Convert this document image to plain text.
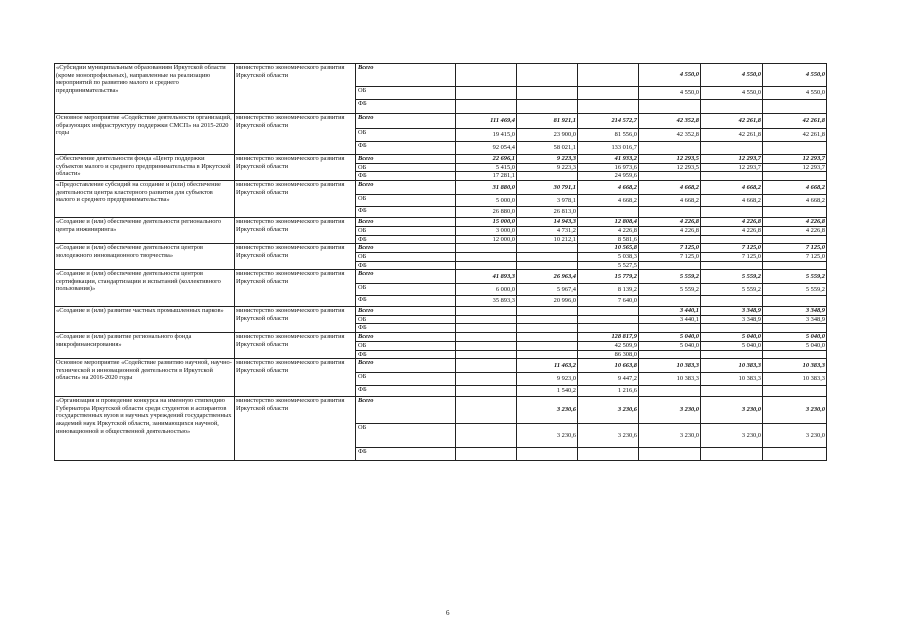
«Субсидии муниципальным образованиям Иркутской области (кроме монопрофильных), направленные на реализацию мероприятий по развитию малого и среднего предпринимательства»	министерство экономического развития Иркутской области	Всего				4 550,0	4 550,0	4 550,0
		ОБ				4 550,0	4 550,0	4 550,0
		ФБ						
Основное мероприятие «Содействие деятельности организаций, образующих инфраструктуру поддержки СМСП» на 2015-2020 годы	министерство экономического развития Иркутской области	Всего	111 469,4	81 921,1	214 572,7	42 352,8	42 261,8	42 261,8
		ОБ	19 415,0	23 900,0	81 556,0	42 352,8	42 261,8	42 261,8
		ФБ	92 054,4	58 021,1	133 016,7			
«Обеспечение деятельности фонда «Центр поддержки субъектов малого и среднего предпринимательства в Иркутской области»	министерство экономического развития Иркутской области	Всего	22 696,1	9 223,3	41 933,2	12 293,5	12 293,7	12 293,7
		ОБ	5 415,0	9 223,3	16 973,6	12 293,5	12 293,7	12 293,7
		ФБ	17 281,1		24 959,6			
«Предоставление субсидий на создание и (или) обеспечение деятельности центра кластерного развития для субъектов малого и среднего предпринимательства»	министерство экономического развития Иркутской области	Всего	31 880,0	30 791,1	4 668,2	4 668,2	4 668,2	4 668,2
		ОБ	5 000,0	3 978,1	4 668,2	4 668,2	4 668,2	4 668,2
		ФБ	26 880,0	26 813,0				
«Создание и (или) обеспечение деятельности регионального центра инжиниринга»	министерство экономического развития Иркутской области	Всего	15 000,0	14 943,3	12 808,4	4 226,8	4 226,8	4 226,8
		ОБ	3 000,0	4 731,2	4 226,8	4 226,8	4 226,8	4 226,8
		ФБ	12 000,0	10 212,1	8 581,6			
«Создание и (или) обеспечение деятельности центров молодежного инновационного творчества»	министерство экономического развития Иркутской области	Всего			10 565,8	7 125,0	7 125,0	7 125,0
		ОБ			5 038,3	7 125,0	7 125,0	7 125,0
		ФБ			5 527,5			
«Создание и (или) обеспечение деятельности центров сертификации, стандартизации и испытаний (коллективного пользования)»	министерство экономического развития Иркутской области	Всего	41 893,3	26 963,4	15 779,2	5 559,2	5 559,2	5 559,2
		ОБ	6 000,0	5 967,4	8 139,2	5 559,2	5 559,2	5 559,2
		ФБ	35 893,3	20 996,0	7 640,0			
«Создание и (или) развитие частных промышленных парков»	министерство экономического развития Иркутской области	Всего				3 440,1	3 348,9	3 348,9
		ОБ				3 440,1	3 348,9	3 348,9
		ФБ						
«Создание и (или) развитие регионального фонда микрофинансирования»	министерство экономического развития Иркутской области	Всего			128 817,9	5 040,0	5 040,0	5 040,0
		ОБ			42 509,9	5 040,0	5 040,0	5 040,0
		ФБ			86 308,0			
Основное мероприятие «Содействие развитию научной, научно-технической и инновационной деятельности в Иркутской области» на 2016-2020 годы	министерство экономического развития Иркутской области	Всего		11 463,2	10 663,8	10 383,3	10 383,3	10 383,3
		ОБ		9 923,0	9 447,2	10 383,3	10 383,3	10 383,3
		ФБ		1 540,2	1 216,6			
«Организация и проведение конкурса на именную стипендию Губернатора Иркутской области среди студентов и аспирантов государственных вузов и научных учреждений государственных академий наук Иркутской области, занимающихся научной, инновационной и общественной деятельностью»	министерство экономического развития Иркутской области	Всего		3 230,6	3 230,6	3 230,0	3 230,0	3 230,0
		ОБ		3 230,6	3 230,6	3 230,0	3 230,0	3 230,0
		ФБ						
6
